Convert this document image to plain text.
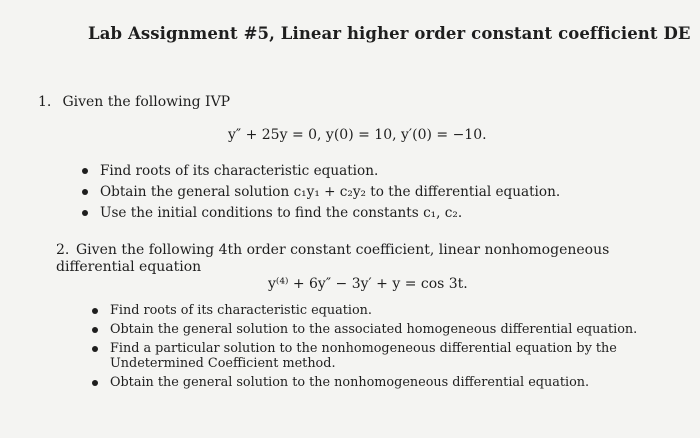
Lab Assignment #5, Linear higher order constant coefficient DE
1. Given the following IVP
y″ + 25y = 0, y(0) = 10, y′(0) = −10.
Find roots of its characteristic equation.
Obtain the general solution c₁y₁ + c₂y₂ to the differential equation.
Use the initial conditions to find the constants c₁, c₂.
2. Given the following 4th order constant coefficient, linear nonhomogeneous differential equation
y⁽⁴⁾ + 6y″ − 3y′ + y = cos 3t.
Find roots of its characteristic equation.
Obtain the general solution to the associated homogeneous differential equation.
Find a particular solution to the nonhomogeneous differential equation by the Undetermined Coefficient method.
Obtain the general solution to the nonhomogeneous differential equation.
